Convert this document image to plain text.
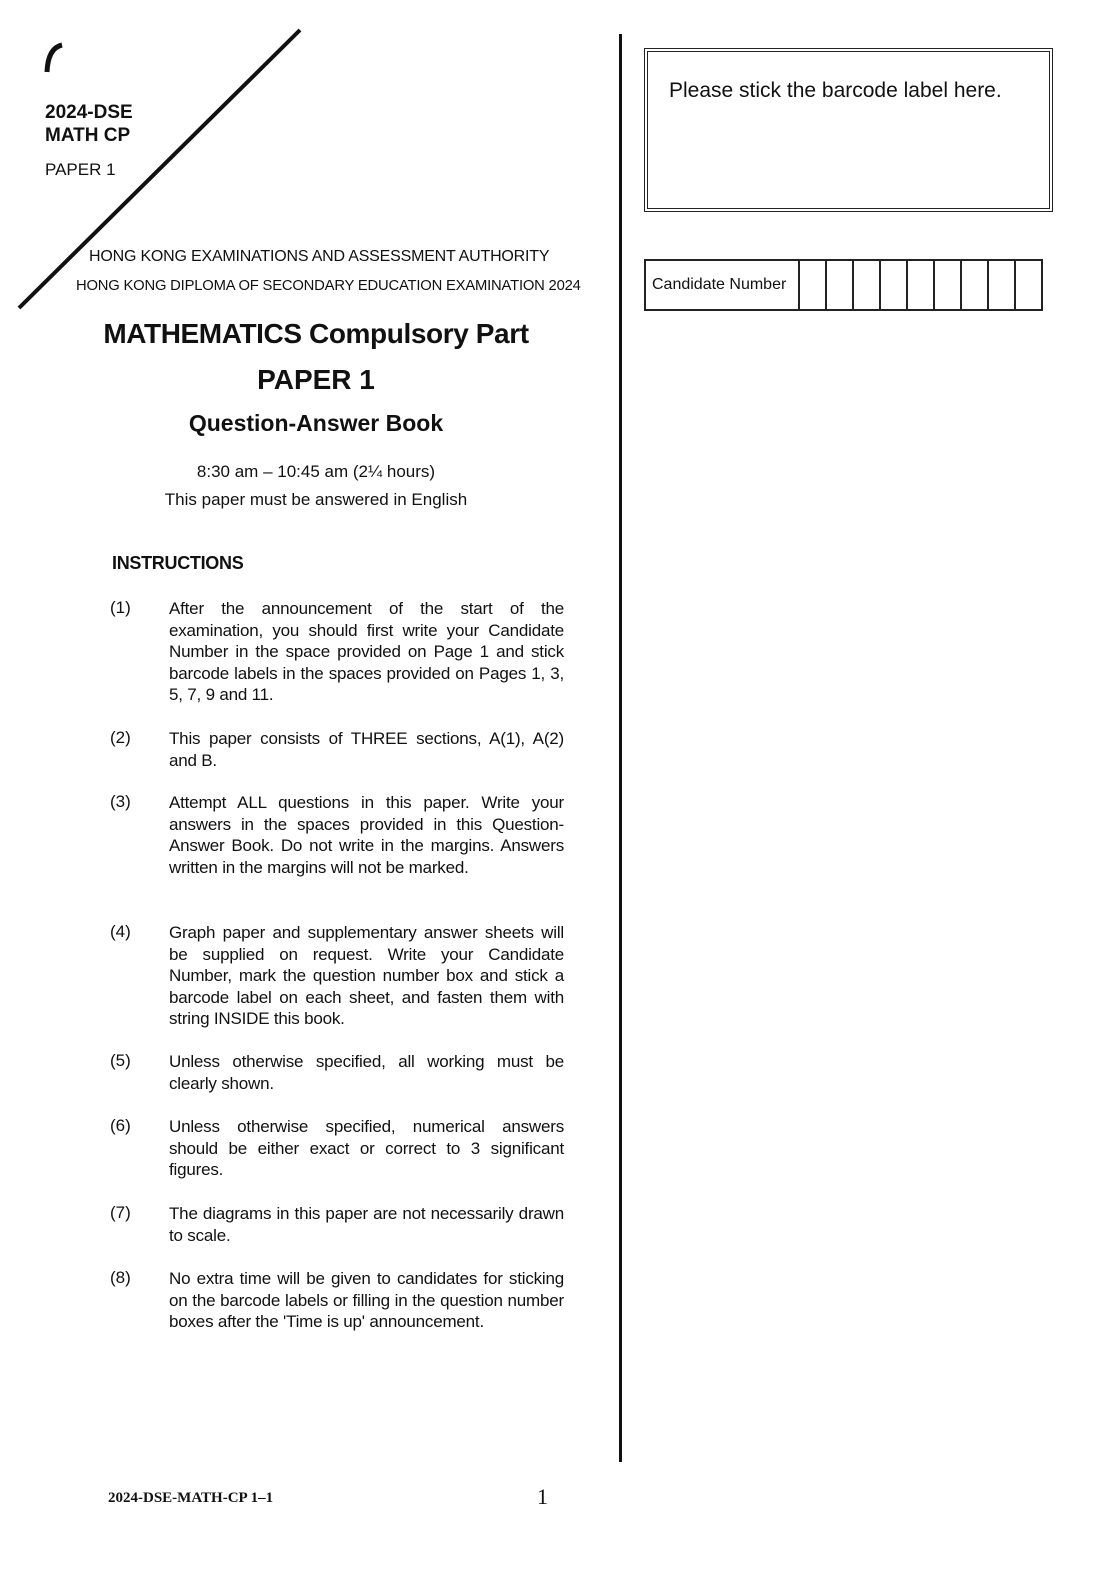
2024-DSE
MATH CP
PAPER 1
HONG KONG EXAMINATIONS AND ASSESSMENT AUTHORITY
HONG KONG DIPLOMA OF SECONDARY EDUCATION EXAMINATION 2024
MATHEMATICS Compulsory Part
PAPER 1
Question-Answer Book
8:30 am – 10:45 am (2¼ hours)
This paper must be answered in English
INSTRUCTIONS
(1) After the announcement of the start of the examination, you should first write your Candidate Number in the space provided on Page 1 and stick barcode labels in the spaces provided on Pages 1, 3, 5, 7, 9 and 11.
(2) This paper consists of THREE sections, A(1), A(2) and B.
(3) Attempt ALL questions in this paper. Write your answers in the spaces provided in this Question-Answer Book. Do not write in the margins. Answers written in the margins will not be marked.
(4) Graph paper and supplementary answer sheets will be supplied on request. Write your Candidate Number, mark the question number box and stick a barcode label on each sheet, and fasten them with string INSIDE this book.
(5) Unless otherwise specified, all working must be clearly shown.
(6) Unless otherwise specified, numerical answers should be either exact or correct to 3 significant figures.
(7) The diagrams in this paper are not necessarily drawn to scale.
(8) No extra time will be given to candidates for sticking on the barcode labels or filling in the question number boxes after the 'Time is up' announcement.
Please stick the barcode label here.
Candidate Number
2024-DSE-MATH-CP 1–1	1
